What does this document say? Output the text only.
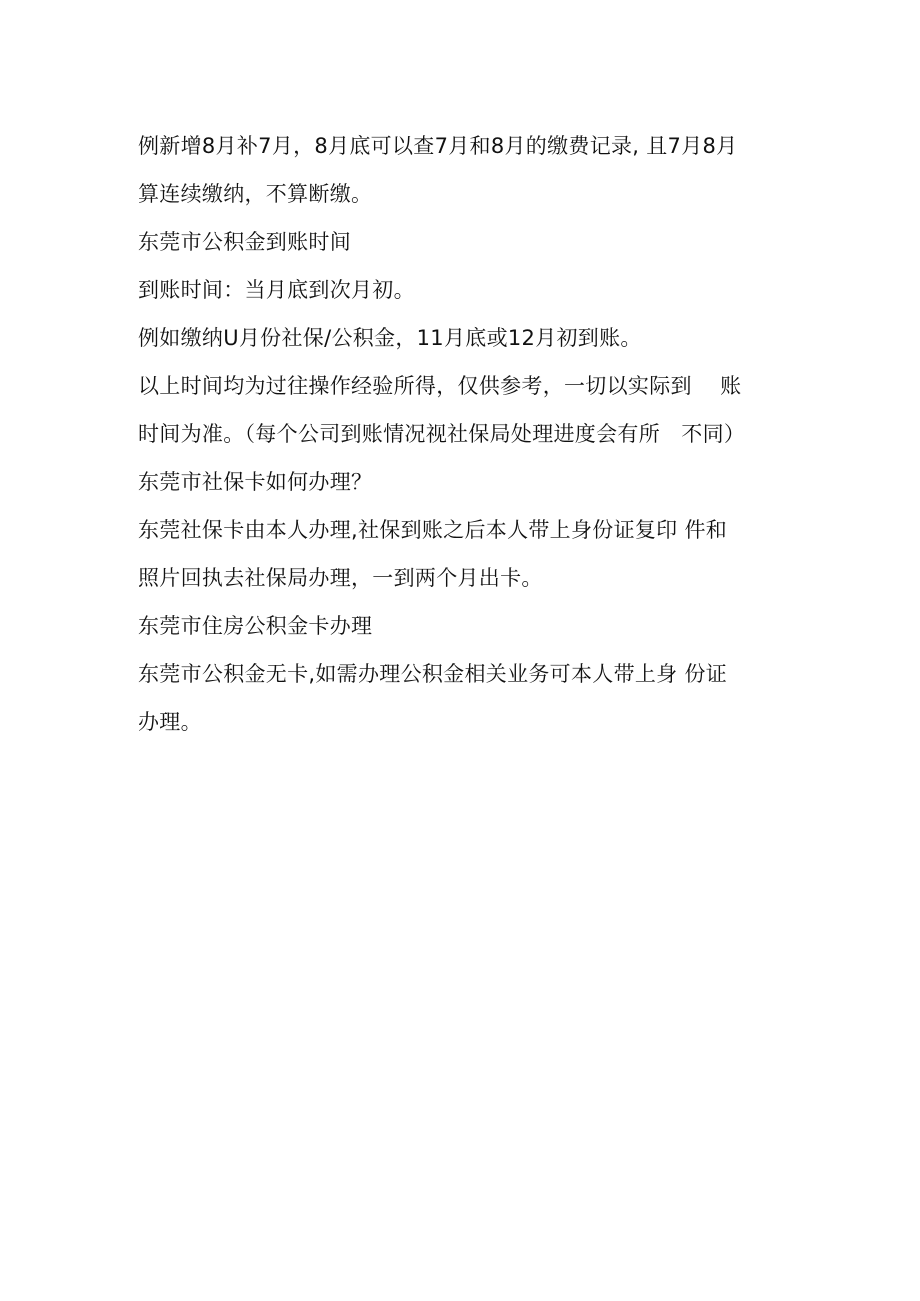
例新增8月补7月，8月底可以查7月和8月的缴费记录, 且7月8月
算连续缴纳，不算断缴。
东莞市公积金到账时间
到账时间：当月底到次月初。
例如缴纳U月份社保/公积金，11月底或12月初到账。
以上时间均为过往操作经验所得，仅供参考，一切以实际到　 账
时间为准。（每个公司到账情况视社保局处理进度会有所　不同）
东莞市社保卡如何办理？
东莞社保卡由本人办理,社保到账之后本人带上身份证复印 件和
照片回执去社保局办理，一到两个月出卡。
东莞市住房公积金卡办理
东莞市公积金无卡,如需办理公积金相关业务可本人带上身 份证
办理。
